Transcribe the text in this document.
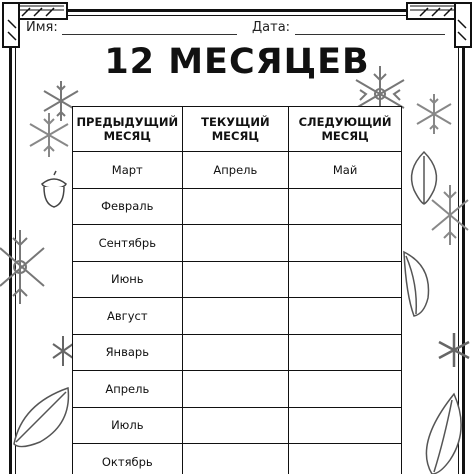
Имя:	Дата:
12 МЕСЯЦЕВ
ПРЕДЫДУЩИЙ МЕСЯЦ	ТЕКУЩИЙ МЕСЯЦ	СЛЕДУЮЩИЙ МЕСЯЦ
Март	Апрель	Май
Февраль		
Сентябрь		
Июнь		
Август		
Январь		
Апрель		
Июль		
Октябрь		
